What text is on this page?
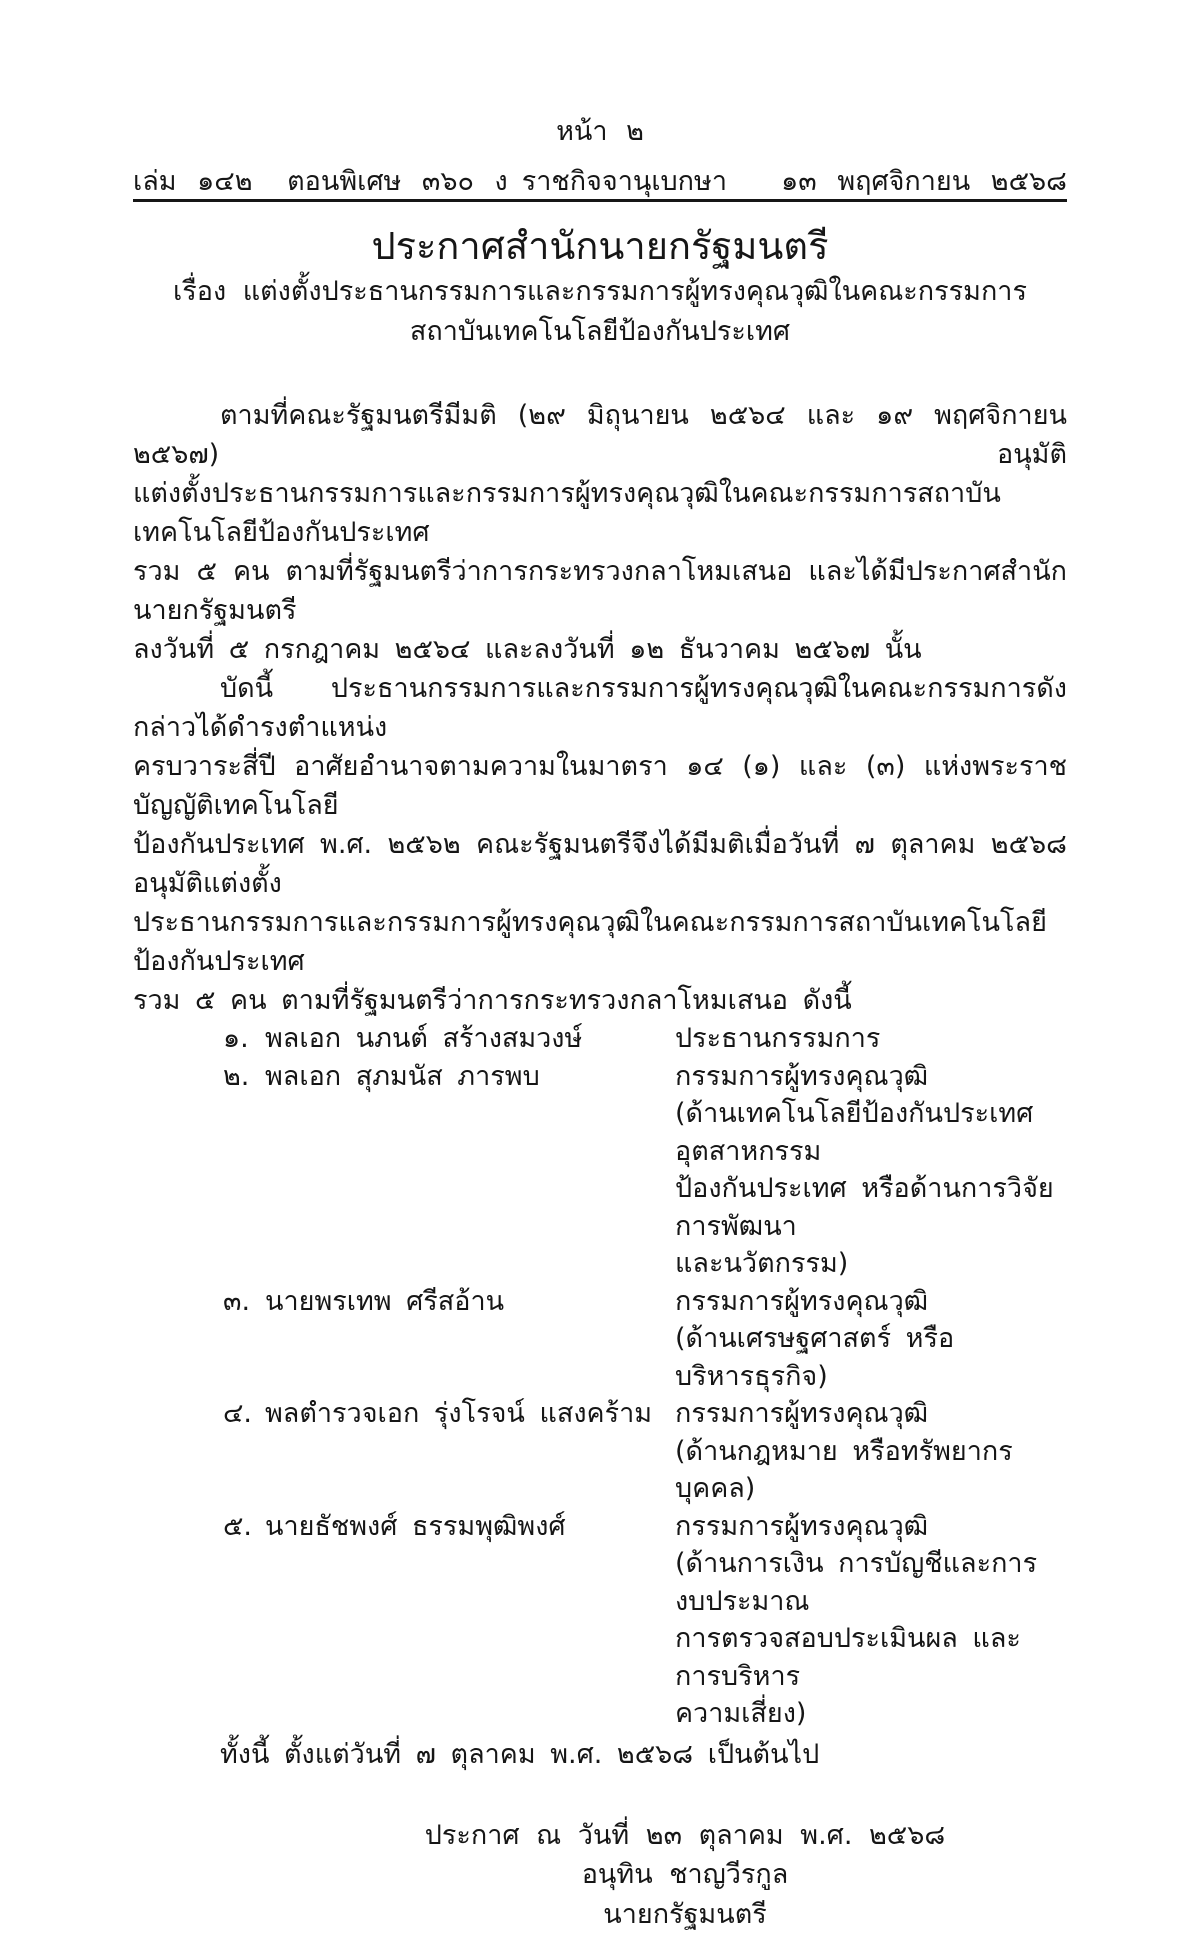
หน้า ๒
เล่ม ๑๔๒ ตอนพิเศษ ๓๖๐ ง ราชกิจจานุเบกษา	๑๓ พฤศจิกายน ๒๕๖๘
ประกาศสำนักนายกรัฐมนตรี
เรื่อง แต่งตั้งประธานกรรมการและกรรมการผู้ทรงคุณวุฒิในคณะกรรมการ
สถาบันเทคโนโลยีป้องกันประเทศ
ตามที่คณะรัฐมนตรีมีมติ (๒๙ มิถุนายน ๒๕๖๔ และ ๑๙ พฤศจิกายน ๒๕๖๗) อนุมัติ
แต่งตั้งประธานกรรมการและกรรมการผู้ทรงคุณวุฒิในคณะกรรมการสถาบันเทคโนโลยีป้องกันประเทศ
รวม ๕ คน ตามที่รัฐมนตรีว่าการกระทรวงกลาโหมเสนอ และได้มีประกาศสำนักนายกรัฐมนตรี
ลงวันที่ ๕ กรกฎาคม ๒๕๖๔ และลงวันที่ ๑๒ ธันวาคม ๒๕๖๗ นั้น
บัดนี้ ประธานกรรมการและกรรมการผู้ทรงคุณวุฒิในคณะกรรมการดังกล่าวได้ดำรงตำแหน่ง
ครบวาระสี่ปี อาศัยอำนาจตามความในมาตรา ๑๔ (๑) และ (๓) แห่งพระราชบัญญัติเทคโนโลยี
ป้องกันประเทศ พ.ศ. ๒๕๖๒ คณะรัฐมนตรีจึงได้มีมติเมื่อวันที่ ๗ ตุลาคม ๒๕๖๘ อนุมัติแต่งตั้ง
ประธานกรรมการและกรรมการผู้ทรงคุณวุฒิในคณะกรรมการสถาบันเทคโนโลยีป้องกันประเทศ
รวม ๕ คน ตามที่รัฐมนตรีว่าการกระทรวงกลาโหมเสนอ ดังนี้
๑. พลเอก นภนต์ สร้างสมวงษ์	ประธานกรรมการ
๒. พลเอก สุภมนัส ภารพบ	กรรมการผู้ทรงคุณวุฒิ
(ด้านเทคโนโลยีป้องกันประเทศ อุตสาหกรรม
ป้องกันประเทศ หรือด้านการวิจัย การพัฒนา
และนวัตกรรม)
๓. นายพรเทพ ศรีสอ้าน	กรรมการผู้ทรงคุณวุฒิ
(ด้านเศรษฐศาสตร์ หรือบริหารธุรกิจ)
๔. พลตำรวจเอก รุ่งโรจน์ แสงคร้าม กรรมการผู้ทรงคุณวุฒิ
(ด้านกฎหมาย หรือทรัพยากรบุคคล)
๕. นายธัชพงศ์ ธรรมพุฒิพงศ์	กรรมการผู้ทรงคุณวุฒิ
(ด้านการเงิน การบัญชีและการงบประมาณ
การตรวจสอบประเมินผล และการบริหาร
ความเสี่ยง)
ทั้งนี้ ตั้งแต่วันที่ ๗ ตุลาคม พ.ศ. ๒๕๖๘ เป็นต้นไป
ประกาศ ณ วันที่ ๒๓ ตุลาคม พ.ศ. ๒๕๖๘
อนุทิน ชาญวีรกูล
นายกรัฐมนตรี
